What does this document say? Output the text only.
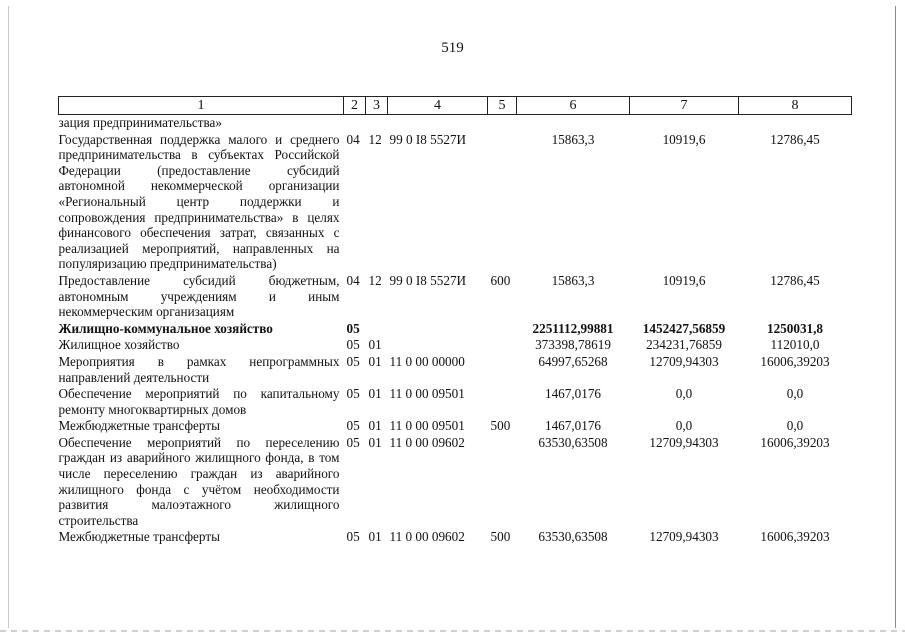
519
1	2	3	4	5	6	7	8
зация предпринимательства»							
Государственная поддержка малого и среднего предпринимательства в субъектах Российской Федерации (предоставление субсидий автономной некоммерческой организации «Региональный центр поддержки и сопровождения предпринимательства» в целях финансового обеспечения затрат, связанных с реализацией мероприятий, направленных на популяризацию предпринимательства)	04	12	99 0 I8 5527И		15863,3	10919,6	12786,45
Предоставление субсидий бюджетным, автономным учреждениям и иным некоммерческим организациям	04	12	99 0 I8 5527И	600	15863,3	10919,6	12786,45
Жилищно-коммунальное хозяйство	05				2251112,99881	1452427,56859	1250031,8
Жилищное хозяйство	05	01			373398,78619	234231,76859	112010,0
Мероприятия в рамках непрограммных направлений деятельности	05	01	11 0 00 00000		64997,65268	12709,94303	16006,39203
Обеспечение мероприятий по капитальному ремонту многоквартирных домов	05	01	11 0 00 09501		1467,0176	0,0	0,0
Межбюджетные трансферты	05	01	11 0 00 09501	500	1467,0176	0,0	0,0
Обеспечение мероприятий по переселению граждан из аварийного жилищного фонда, в том числе переселению граждан из аварийного жилищного фонда с учётом необходимости развития малоэтажного жилищного строительства	05	01	11 0 00 09602		63530,63508	12709,94303	16006,39203
Межбюджетные трансферты	05	01	11 0 00 09602	500	63530,63508	12709,94303	16006,39203
